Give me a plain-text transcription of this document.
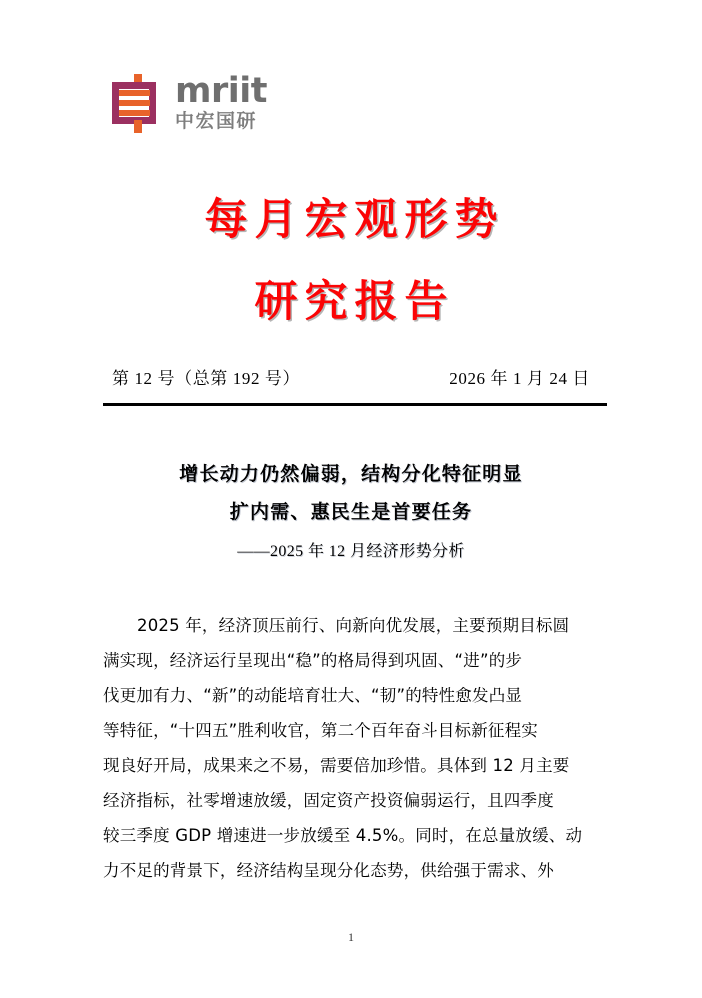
mriit
中宏国研
每月宏观形势
研究报告
第 12 号（总第 192 号）	2026 年 1 月 24 日
增长动力仍然偏弱，结构分化特征明显
扩内需、惠民生是首要任务
——2025 年 12 月经济形势分析
2025 年，经济顶压前行、向新向优发展，主要预期目标圆
满实现，经济运行呈现出“稳”的格局得到巩固、“进”的步
伐更加有力、“新”的动能培育壮大、“韧”的特性愈发凸显
等特征，“十四五”胜利收官，第二个百年奋斗目标新征程实
现良好开局，成果来之不易，需要倍加珍惜。具体到 12 月主要
经济指标，社零增速放缓，固定资产投资偏弱运行，且四季度
较三季度 GDP 增速进一步放缓至 4.5%。同时，在总量放缓、动
力不足的背景下，经济结构呈现分化态势，供给强于需求、外
1
